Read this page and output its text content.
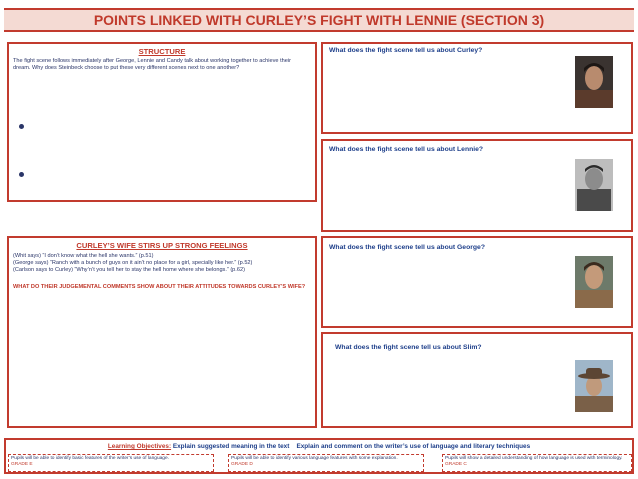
POINTS LINKED WITH CURLEY’S FIGHT WITH LENNIE (SECTION 3)
STRUCTURE
The fight scene follows immediately after George, Lennie and Candy talk about working together to achieve their dream. Why does Steinbeck choose to put these very different scenes next to one another?
CURLEY’S WIFE STIRS UP STRONG FEELINGS
(Whit says) “I don’t know what the hell she wants.” (p.51)
(George says) “Ranch with a bunch of guys on it ain’t no place for a girl, specially like her.” (p.52)
(Carlson says to Curley) “Why’n’t you tell her to stay the hell home where she belongs.” (p.62)
WHAT DO THEIR JUDGEMENTAL COMMENTS SHOW ABOUT THEIR ATTITUDES TOWARDS CURLEY’S WIFE?
What does the fight scene tell us about Curley?
What does the fight scene tell us about Lennie?
What does the fight scene tell us about George?
What does the fight scene tell us about Slim?
Learning Objectives: Explain suggested meaning in the text Explain and comment on the writer’s use of language and literary techniques
Pupils will be able to identify basic features of the writer’s use of language.
GRADE E
Pupils will be able to identify various language features with some explanation.
GRADE D
Pupils will show a detailed understanding of how language is used with terminology.
GRADE C
